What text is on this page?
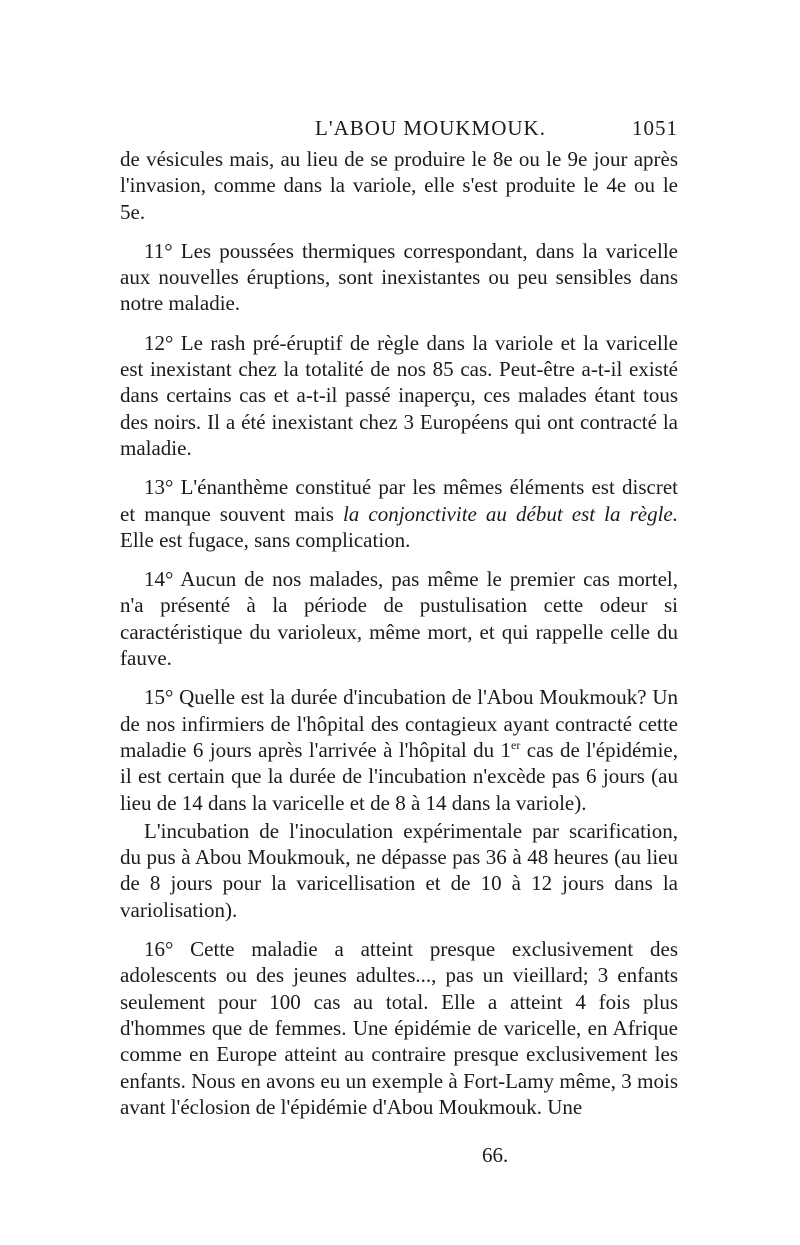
L'ABOU MOUKMOUK.	1051

de vésicules mais, au lieu de se produire le 8e ou le 9e jour après l'invasion, comme dans la variole, elle s'est produite le 4e ou le 5e.

11° Les poussées thermiques correspondant, dans la varicelle aux nouvelles éruptions, sont inexistantes ou peu sensibles dans notre maladie.

12° Le rash pré-éruptif de règle dans la variole et la varicelle est inexistant chez la totalité de nos 85 cas. Peut-être a-t-il existé dans certains cas et a-t-il passé inaperçu, ces malades étant tous des noirs. Il a été inexistant chez 3 Européens qui ont contracté la maladie.

13° L'énanthème constitué par les mêmes éléments est discret et manque souvent mais la conjonctivite au début est la règle. Elle est fugace, sans complication.

14° Aucun de nos malades, pas même le premier cas mortel, n'a présenté à la période de pustulisation cette odeur si caractéristique du varioleux, même mort, et qui rappelle celle du fauve.

15° Quelle est la durée d'incubation de l'Abou Moukmouk? Un de nos infirmiers de l'hôpital des contagieux ayant contracté cette maladie 6 jours après l'arrivée à l'hôpital du 1er cas de l'épidémie, il est certain que la durée de l'incubation n'excède pas 6 jours (au lieu de 14 dans la varicelle et de 8 à 14 dans la variole).

L'incubation de l'inoculation expérimentale par scarification, du pus à Abou Moukmouk, ne dépasse pas 36 à 48 heures (au lieu de 8 jours pour la varicellisation et de 10 à 12 jours dans la variolisation).

16° Cette maladie a atteint presque exclusivement des adolescents ou des jeunes adultes..., pas un vieillard; 3 enfants seulement pour 100 cas au total. Elle a atteint 4 fois plus d'hommes que de femmes. Une épidémie de varicelle, en Afrique comme en Europe atteint au contraire presque exclusivement les enfants. Nous en avons eu un exemple à Fort-Lamy même, 3 mois avant l'éclosion de l'épidémie d'Abou Moukmouk. Une

66.
